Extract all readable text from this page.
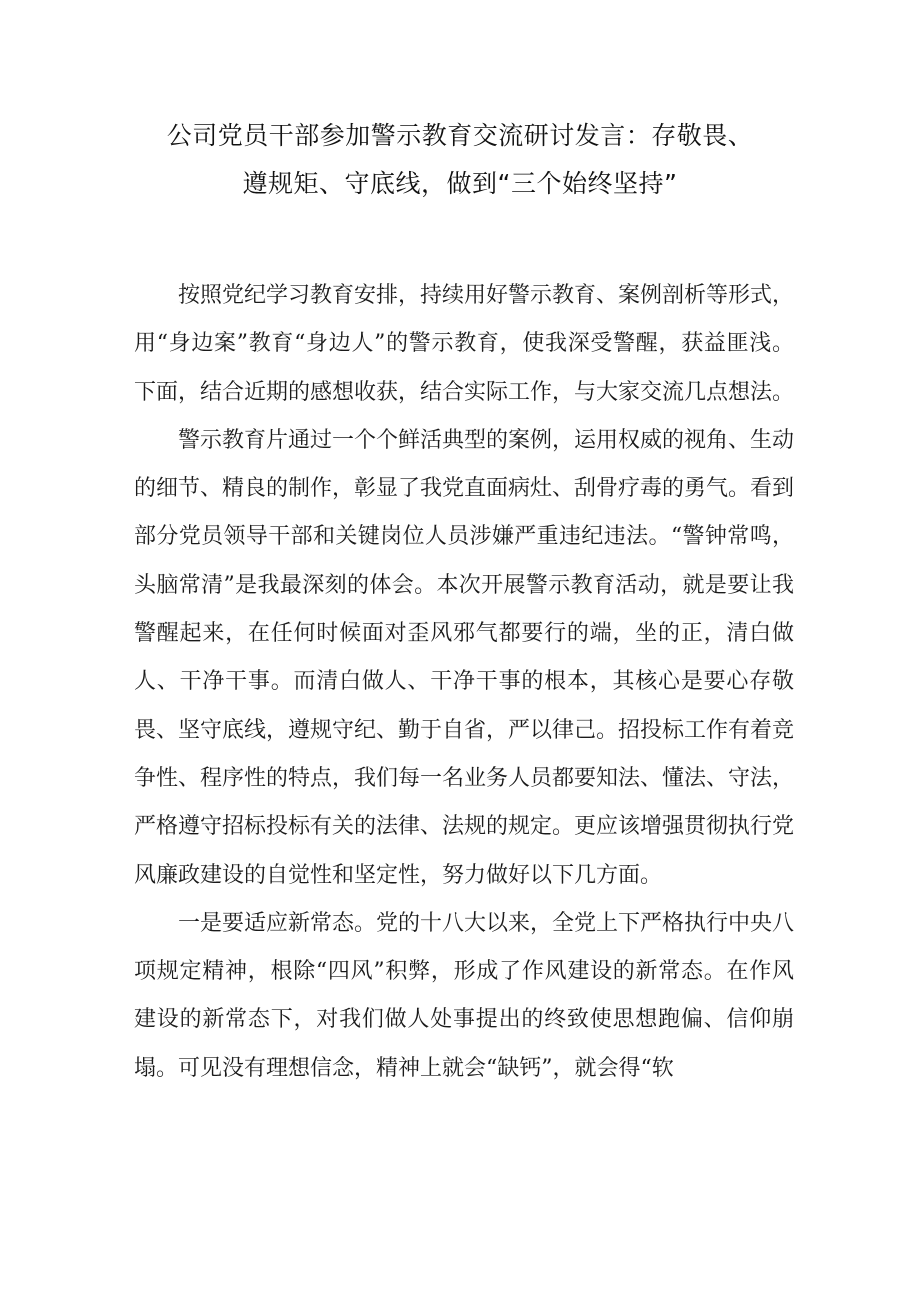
公司党员干部参加警示教育交流研讨发言：存敬畏、
遵规矩、守底线，做到“三个始终坚持”

按照党纪学习教育安排，持续用好警示教育、案例剖析等形式，用“身边案”教育“身边人”的警示教育，使我深受警醒，获益匪浅。下面，结合近期的感想收获，结合实际工作，与大家交流几点想法。

警示教育片通过一个个鲜活典型的案例，运用权威的视角、生动的细节、精良的制作，彰显了我党直面病灶、刮骨疗毒的勇气。看到部分党员领导干部和关键岗位人员涉嫌严重违纪违法。“警钟常鸣，头脑常清”是我最深刻的体会。本次开展警示教育活动，就是要让我警醒起来，在任何时候面对歪风邪气都要行的端，坐的正，清白做人、干净干事。而清白做人、干净干事的根本，其核心是要心存敬畏、坚守底线，遵规守纪、勤于自省，严以律己。招投标工作有着竞争性、程序性的特点，我们每一名业务人员都要知法、懂法、守法，严格遵守招标投标有关的法律、法规的规定。更应该增强贯彻执行党风廉政建设的自觉性和坚定性，努力做好以下几方面。

一是要适应新常态。党的十八大以来，全党上下严格执行中央八项规定精神，根除“四风”积弊，形成了作风建设的新常态。在作风建设的新常态下，对我们做人处事提出的终致使思想跑偏、信仰崩塌。可见没有理想信念，精神上就会“缺钙”，就会得“软
